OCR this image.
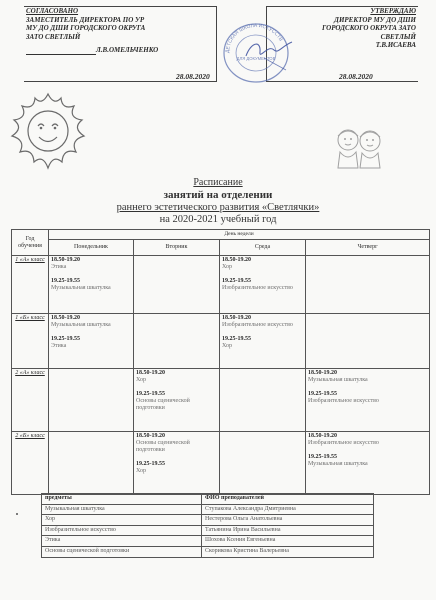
СОГЛАСОВАНО
ЗАМЕСТИТЕЛЬ ДИРЕКТОРА ПО УР
МУ ДО ДШИ ГОРОДСКОГО ОКРУГА
ЗАТО СВЕТЛЫЙ
Л.В.ОМЕЛЬЧЕНКО
28.08.2020
УТВЕРЖДАЮ
ДИРЕКТОР МУ ДО ДШИ
ГОРОДСКОГО ОКРУГА ЗАТО
СВЕТЛЫЙ
Т.В.ИСАЕВА
28.08.2020
ДЕТСКАЯ ШКОЛА ИСКУССТВ
ДЛЯ ДОКУМЕНТОВ
Расписание
занятий на отделении
раннего эстетического развития «Светлячки»
на 2020-2021 учебный год
Год обучения	День недели			
	Понедельник	Вторник	Среда	Четверг
1 «А» класс	18.50-19.20
Этика
19.25-19.55
Музыкальная шкатулка		18.50-19.20
Хор
19.25-19.55
Изобразительное искусство	

1 «Б» класс	18.50-19.20
Музыкальная шкатулка
19.25-19.55
Этика		18.50-19.20
Изобразительное искусство
19.25-19.55
Хор	

2 «А» класс		18.50-19.20
Хор
19.25-19.55
Основы сценической подготовки		18.50-19.20
Музыкальная шкатулка
19.25-19.55
Изобразительное искусство

2 «Б» класс		18.50-19.20
Основы сценической подготовки
19.25-19.55
Хор		18.50-19.20
Изобразительное искусство
19.25-19.55
Музыкальная шкатулка
предметы	ФИО преподавателей
Музыкальная шкатулка	Ступакова Александра Дмитриевна
Хор	Нестерова Ольга Анатольевна
Изобразительное искусство	Татьянина Ирина Васильевна
Этика	Шохова Ксения Евгеньевна
Основы сценической подготовки	Скорикова Кристина Валерьевна
